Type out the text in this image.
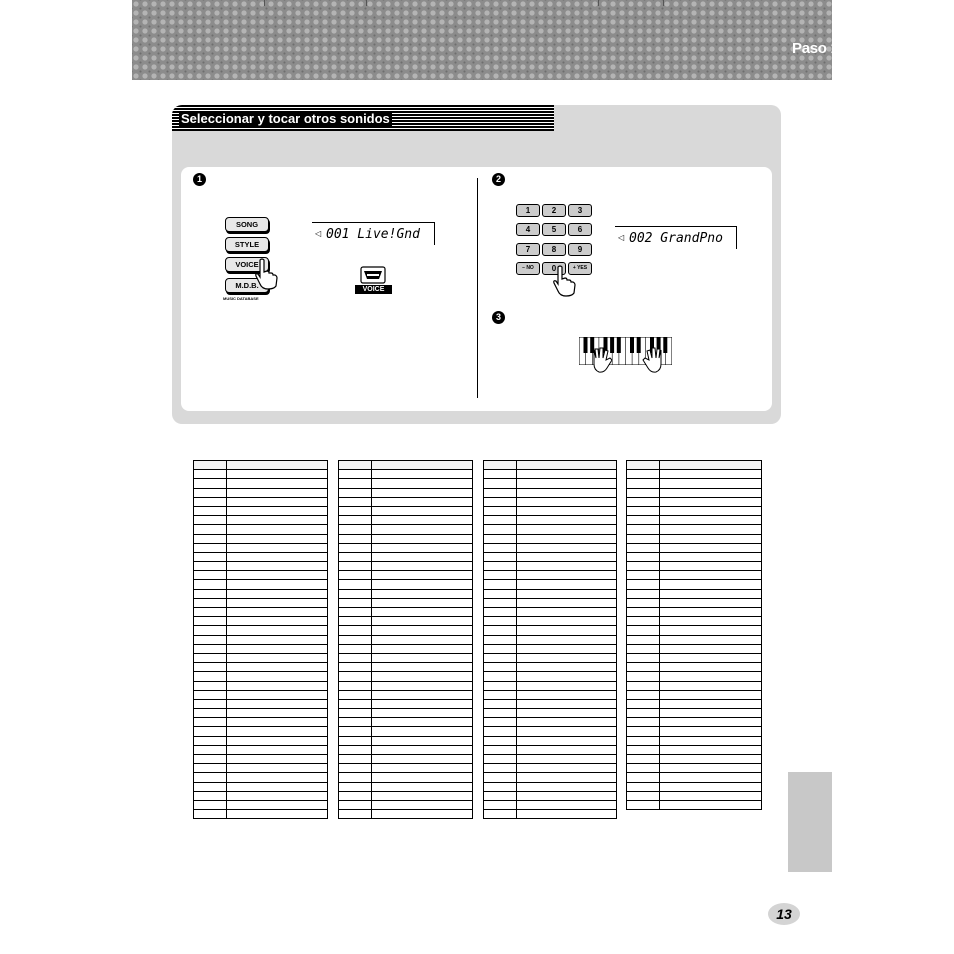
Paso 1 Voces
Seleccionar y tocar otros sonidos
1	2
3
SONG
STYLE
VOICE
M.D.B.
MUSIC DATABASE
◁ 001 Live!Gnd
VOICE
1	2	3
4	5	6
7	8	9
– NO	0	+ YES
◁ 002 GrandPno

13
